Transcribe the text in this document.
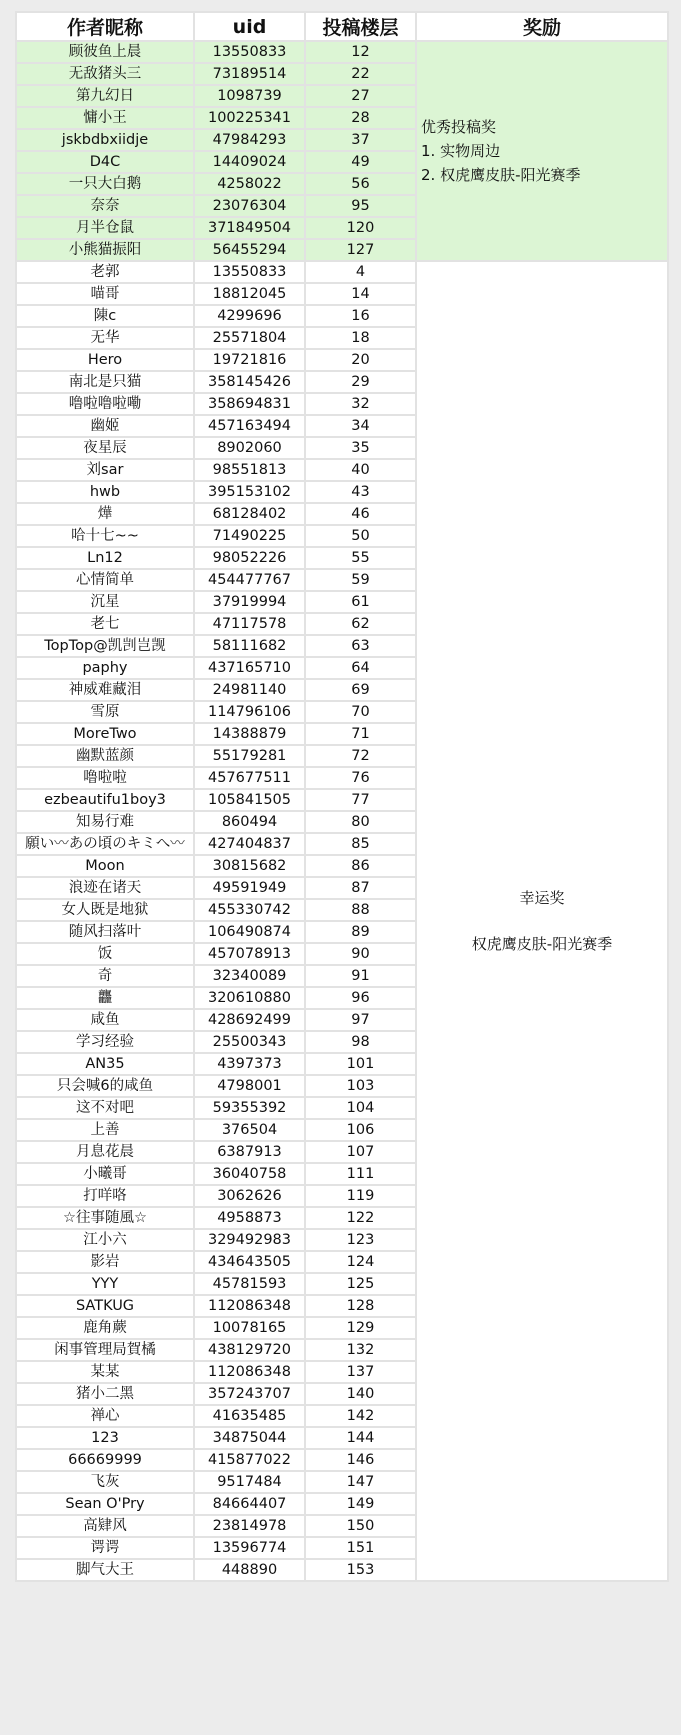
作者昵称	uid	投稿楼层	奖励
顾彼鱼上晨	13550833	12	优秀投稿奖
1. 实物周边
2. 权虎鹰皮肤-阳光赛季

无敌猪头三	73189514	22	
第九幻日	1098739	27	
慵小王	100225341	28	
jskbdbxiidje	47984293	37	
D4C	14409024	49	
一只大白鹅	4258022	56	
奈奈	23076304	95	
月半仓鼠	371849504	120	
小熊猫振阳	56455294	127	
老郭	13550833	4	幸运奖
权虎鹰皮肤-阳光赛季

喵哥	18812045	14	
陳c	4299696	16	
无华	25571804	18	
Hero	19721816	20	
南北是只猫	358145426	29	
噜啦噜啦嘞	358694831	32	
幽姬	457163494	34	
夜星辰	8902060	35	
刘sar	98551813	40	
hwb	395153102	43	
燁	68128402	46	
哈十七~~	71490225	50	
Ln12	98052226	55	
心情简单	454477767	59	
沉星	37919994	61	
老七	47117578	62	
TopTop@凯剀岂觊	58111682	63	
paphy	437165710	64	
神威难藏泪	24981140	69	
雪原	114796106	70	
MoreTwo	14388879	71	
幽默蓝颜	55179281	72	
噜啦啦	457677511	76	
ezbeautifu1boy3	105841505	77	
知易行难	860494	80	
願い〰あの頃のキミへ〰	427404837	85	
Moon	30815682	86	
浪迹在诸天	49591949	87	
女人既是地狱	455330742	88	
随风扫落叶	106490874	89	
饭	457078913	90	
奇	32340089	91	
龘	320610880	96	
咸鱼	428692499	97	
学习经验	25500343	98	
AN35	4397373	101	
只会喊6的咸鱼	4798001	103	
这不对吧	59355392	104	
上善	376504	106	
月息花晨	6387913	107	
小曦哥	36040758	111	
打咩咯	3062626	119	
☆往事随風☆	4958873	122	
江小六	329492983	123	
影岩	434643505	124	
YYY	45781593	125	
SATKUG	112086348	128	
鹿角蕨	10078165	129	
闲事管理局賀橘	438129720	132	
某某	112086348	137	
猪小二黑	357243707	140	
禅心	41635485	142	
123	34875044	144	
66669999	415877022	146	
飞灰	9517484	147	
Sean O'Pry	84664407	149	
高肄风	23814978	150	
谔谔	13596774	151	
脚气大王	448890	153	
